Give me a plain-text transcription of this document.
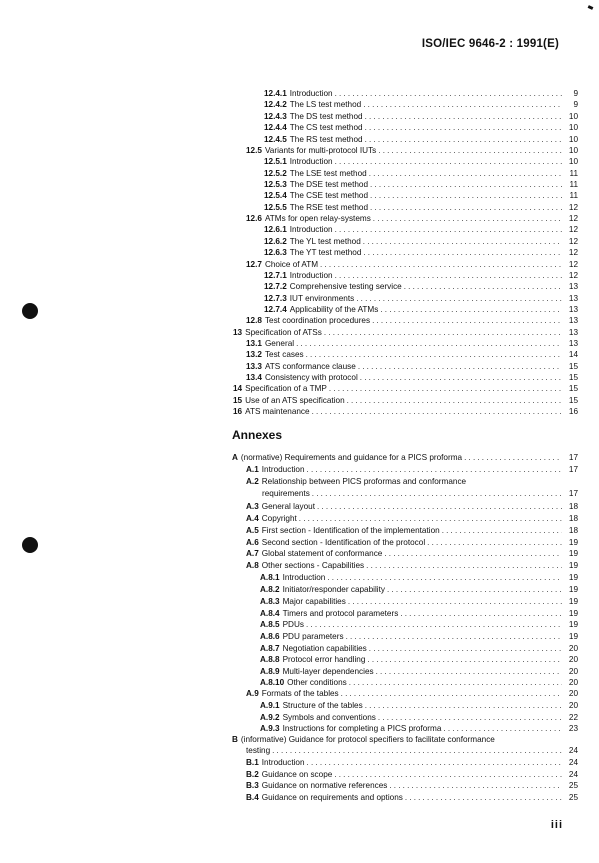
ISO/IEC 9646-2 : 1991(E)
12.4.1 Introduction .....	9
12.4.2 The LS test method .....	9
12.4.3 The DS test method .....	10
12.4.4 The CS test method .....	10
12.4.5 The RS test method .....	10
12.5 Variants for multi-protocol IUTs .....	10
12.5.1 Introduction .....	10
12.5.2 The LSE test method .....	11
12.5.3 The DSE test method .....	11
12.5.4 The CSE test method .....	11
12.5.5 The RSE test method .....	12
12.6 ATMs for open relay-systems .....	12
12.6.1 Introduction .....	12
12.6.2 The YL test method .....	12
12.6.3 The YT test method .....	12
12.7 Choice of ATM .....	12
12.7.1 Introduction .....	12
12.7.2 Comprehensive testing service .....	13
12.7.3 IUT environments .....	13
12.7.4 Applicability of the ATMs .....	13
12.8 Test coordination procedures .....	13
13 Specification of ATSs .....	13
13.1 General .....	13
13.2 Test cases .....	14
13.3 ATS conformance clause .....	15
13.4 Consistency with protocol .....	15
14 Specification of a TMP .....	15
15 Use of an ATS specification .....	15
16 ATS maintenance .....	16
A (normative) Requirements and guidance for a PICS proforma .....	17
A.1 Introduction .....	17
A.2 Relationship between PICS proformas and conformance
requirements .....	17
A.3 General layout .....	18
A.4 Copyright .....	18
A.5 First section - Identification of the implementation .....	18
A.6 Second section - Identification of the protocol .....	19
A.7 Global statement of conformance .....	19
A.8 Other sections - Capabilities .....	19
A.8.1 Introduction .....	19
A.8.2 Initiator/responder capability .....	19
A.8.3 Major capabilities .....	19
A.8.4 Timers and protocol parameters .....	19
A.8.5 PDUs .....	19
A.8.6 PDU parameters .....	19
A.8.7 Negotiation capabilities .....	20
A.8.8 Protocol error handling .....	20
A.8.9 Multi-layer dependencies .....	20
A.8.10 Other conditions .....	20
A.9 Formats of the tables .....	20
A.9.1 Structure of the tables .....	20
A.9.2 Symbols and conventions .....	22
A.9.3 Instructions for completing a PICS proforma .....	23
B (informative) Guidance for protocol specifiers to facilitate conformance
testing .....	24
B.1 Introduction .....	24
B.2 Guidance on scope .....	24
B.3 Guidance on normative references .....	25
B.4 Guidance on requirements and options .....	25
Annexes
iii
